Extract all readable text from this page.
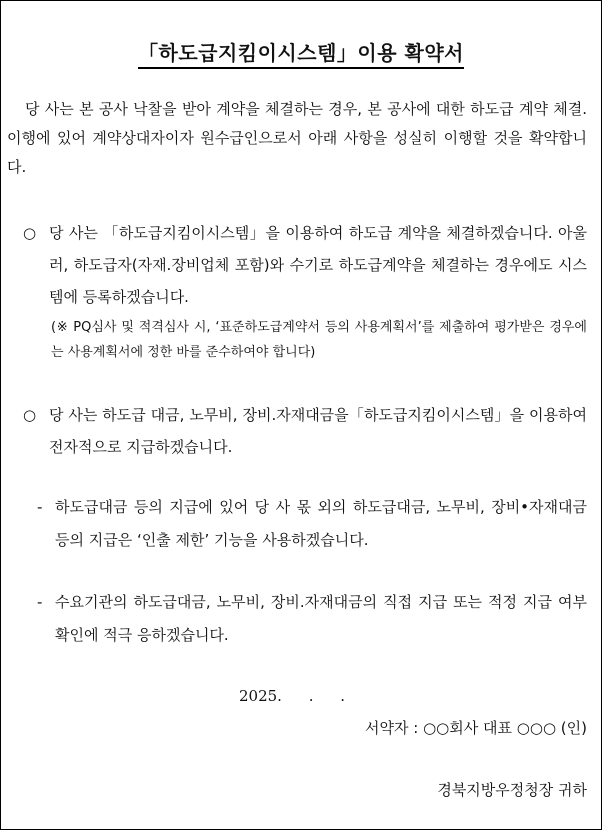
「하도급지킴이시스템」이용 확약서

당 사는 본 공사 낙찰을 받아 계약을 체결하는 경우, 본 공사에 대한 하도급 계약 체결.이행에 있어 계약상대자이자 원수급인으로서 아래 사항을 성실히 이행할 것을 확약합니다.

○ 당 사는 「하도급지킴이시스템」을 이용하여 하도급 계약을 체결하겠습니다. 아울러, 하도급자(자재.장비업체 포함)와 수기로 하도급계약을 체결하는 경우에도 시스템에 등록하겠습니다.

(※ PQ심사 및 적격심사 시, ‘표준하도급계약서 등의 사용계획서’를 제출하여 평가받은 경우에는 사용계획서에 정한 바를 준수하여야 합니다)

○ 당 사는 하도급 대금, 노무비, 장비.자재대금을「하도급지킴이시스템」을 이용하여 전자적으로 지급하겠습니다.

- 하도급대금 등의 지급에 있어 당 사 몫 외의 하도급대금, 노무비, 장비•자재대금 등의 지급은 ‘인출 제한’ 기능을 사용하겠습니다.

- 수요기관의 하도급대금, 노무비, 장비.자재대금의 직접 지급 또는 적정 지급 여부 확인에 적극 응하겠습니다.

2025. . .
서약자 : ○○회사 대표 ○○○ (인)
경북지방우정청장 귀하
